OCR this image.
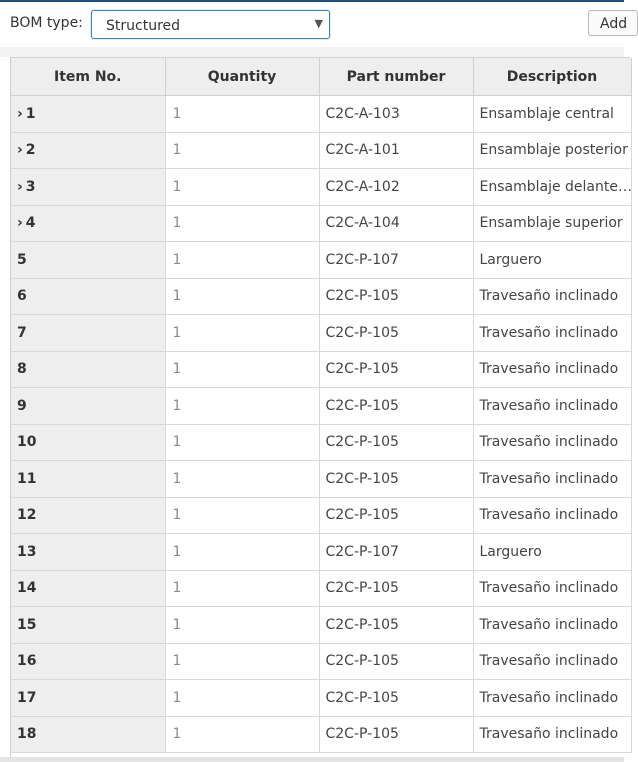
BOM type: Structured	▼	Add
Item No.	Quantity	Part number	Description
› 1	1	C2C-A-103	Ensamblaje central
› 2	1	C2C-A-101	Ensamblaje posterior
› 3	1	C2C-A-102	Ensamblaje delante…
› 4	1	C2C-A-104	Ensamblaje superior
5	1	C2C-P-107	Larguero
6	1	C2C-P-105	Travesaño inclinado
7	1	C2C-P-105	Travesaño inclinado
8	1	C2C-P-105	Travesaño inclinado
9	1	C2C-P-105	Travesaño inclinado
10	1	C2C-P-105	Travesaño inclinado
11	1	C2C-P-105	Travesaño inclinado
12	1	C2C-P-105	Travesaño inclinado
13	1	C2C-P-107	Larguero
14	1	C2C-P-105	Travesaño inclinado
15	1	C2C-P-105	Travesaño inclinado
16	1	C2C-P-105	Travesaño inclinado
17	1	C2C-P-105	Travesaño inclinado
18	1	C2C-P-105	Travesaño inclinado
